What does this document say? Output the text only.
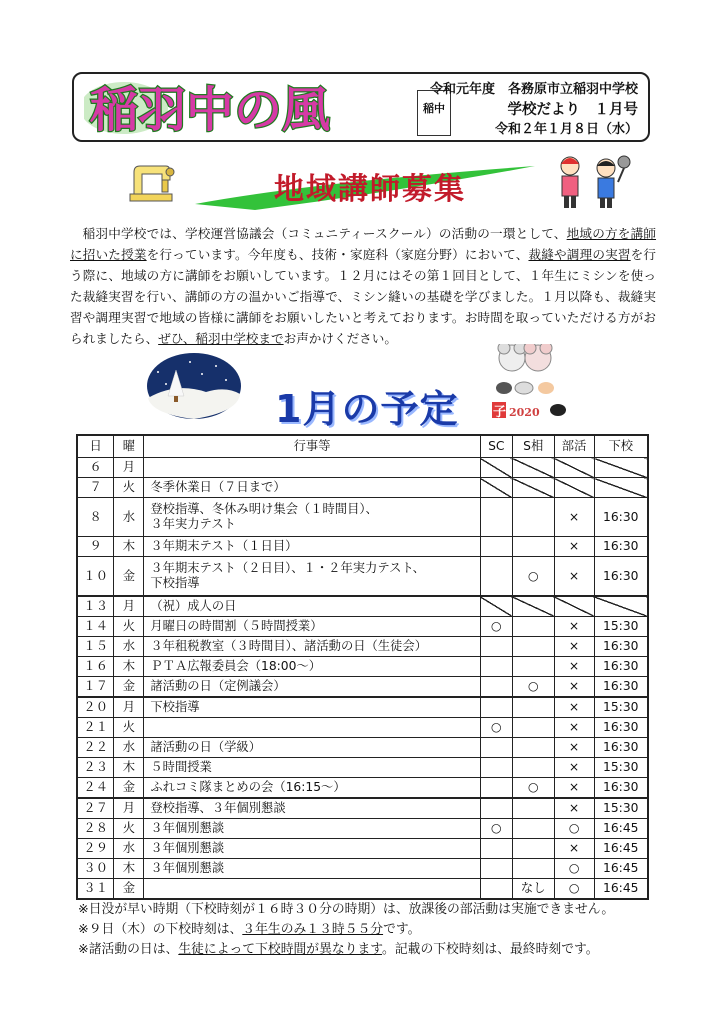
稲羽中の風	稲中
令和元年度　各務原市立稲羽中学校
学校だより　１月号
令和２年１月８日（水）
地域講師募集

稲羽中学校では、学校運営協議会（コミュニティースクール）の活動の一環として、地域の方を講師に招いた授業を行っています。今年度も、技術・家庭科（家庭分野）において、裁縫や調理の実習を行う際に、地域の方に講師をお願いしています。１２月にはその第１回目として、１年生にミシンを使った裁縫実習を行い、講師の方の温かいご指導で、ミシン縫いの基礎を学びました。１月以降も、裁縫実習や調理実習で地域の皆様に講師をお願いしたいと考えております。お時間を取っていただける方がおられましたら、ぜひ、稲羽中学校までお声かけください。

1月の予定	子 2020
日	曜	行事等	SC	S相	部活	下校
６	月					
７	火	冬季休業日（７日まで）				
８	水	登校指導、冬休み明け集会（１時間目）、
３年実力テスト			×	16:30
９	木	３年期末テスト（１日目）			×	16:30
１０	金	３年期末テスト（２日目）、１・２年実力テスト、
下校指導		○	×	16:30
１３	月	（祝）成人の日				
１４	火	月曜日の時間割（５時間授業）	○		×	15:30
１５	水	３年租税教室（３時間目）、諸活動の日（生徒会）			×	16:30
１６	木	ＰＴＡ広報委員会（18:00～）			×	16:30
１７	金	諸活動の日（定例議会）		○	×	16:30
２０	月	下校指導			×	15:30
２１	火		○		×	16:30
２２	水	諸活動の日（学級）			×	16:30
２３	木	５時間授業			×	15:30
２４	金	ふれコミ隊まとめの会（16:15～）		○	×	16:30
２７	月	登校指導、３年個別懇談			×	15:30
２８	火	３年個別懇談	○		○	16:45
２９	水	３年個別懇談			×	16:45
３０	木	３年個別懇談			○	16:45
３１	金			なし	○	16:45
※日没が早い時期（下校時刻が１６時３０分の時期）は、放課後の部活動は実施できません。
※９日（木）の下校時刻は、３年生のみ１３時５５分です。
※諸活動の日は、生徒によって下校時間が異なります。記載の下校時刻は、最終時刻です。
